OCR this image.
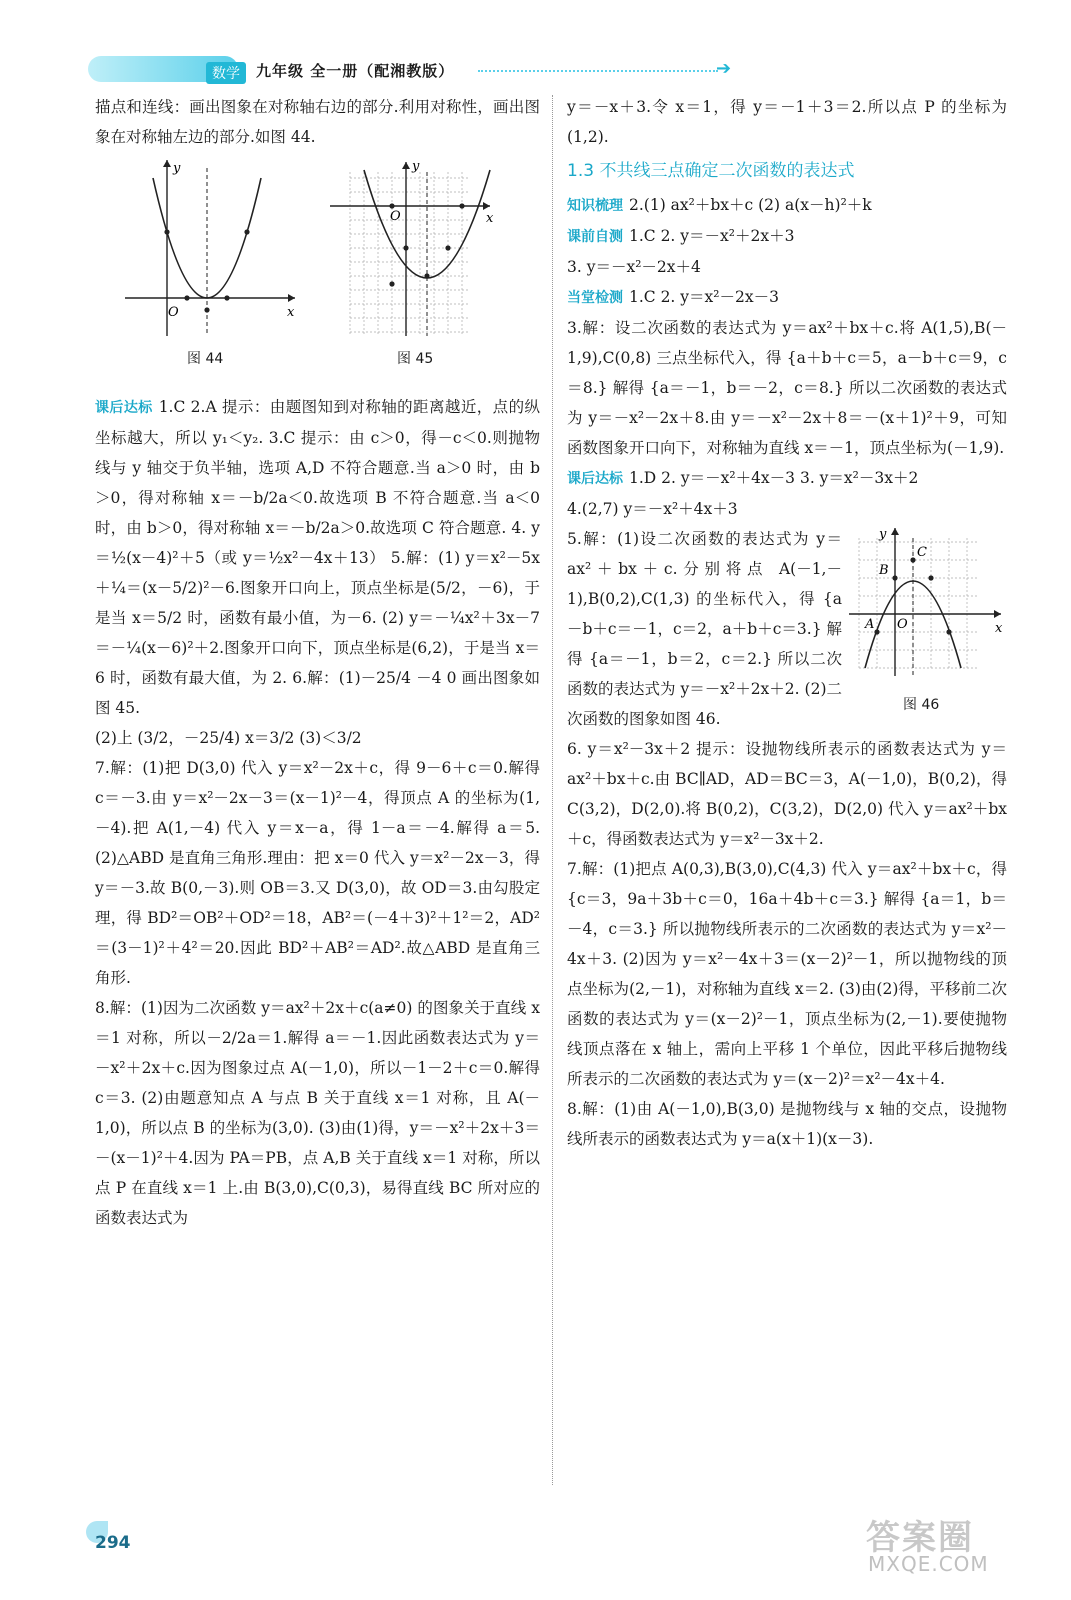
数学	九年级 全一册（配湘教版）	➔

描点和连线：画出图象在对称轴右边的部分.利用对称性，画出图象在对称轴左边的部分.如图 44.

y
x
O
图 44
y
x
O
图 45

课后达标 1.C 2.A 提示：由题图知到对称轴的距离越近，点的纵坐标越大，所以 y₁＜y₂. 3.C 提示：由 c＞0，得－c＜0.则抛物线与 y 轴交于负半轴，选项 A,D 不符合题意.当 a＞0 时，由 b＞0，得对称轴 x＝－b/2a＜0.故选项 B 不符合题意.当 a＜0 时，由 b＞0，得对称轴 x＝－b/2a＞0.故选项 C 符合题意. 4. y＝½(x－4)²＋5（或 y＝½x²－4x＋13） 5.解：(1) y＝x²－5x＋¼＝(x－5/2)²－6.图象开口向上，顶点坐标是(5/2，－6)，于是当 x＝5/2 时，函数有最小值，为－6. (2) y＝－¼x²＋3x－7＝－¼(x－6)²＋2.图象开口向下，顶点坐标是(6,2)，于是当 x＝6 时，函数有最大值，为 2. 6.解：(1)－25/4 －4 0 画出图象如图 45.

(2)上 (3/2，－25/4) x＝3/2 (3)＜3/2

7.解：(1)把 D(3,0) 代入 y＝x²－2x＋c，得 9－6＋c＝0.解得 c＝－3.由 y＝x²－2x－3＝(x－1)²－4，得顶点 A 的坐标为(1,－4).把 A(1,－4) 代入 y＝x－a，得 1－a＝－4.解得 a＝5. (2)△ABD 是直角三角形.理由：把 x＝0 代入 y＝x²－2x－3，得 y＝－3.故 B(0,－3).则 OB＝3.又 D(3,0)，故 OD＝3.由勾股定理，得 BD²＝OB²＋OD²＝18，AB²＝(－4＋3)²＋1²＝2，AD²＝(3－1)²＋4²＝20.因此 BD²＋AB²＝AD².故△ABD 是直角三角形.

8.解：(1)因为二次函数 y＝ax²＋2x＋c(a≠0) 的图象关于直线 x＝1 对称，所以－2/2a＝1.解得 a＝－1.因此函数表达式为 y＝－x²＋2x＋c.因为图象过点 A(－1,0)，所以－1－2＋c＝0.解得 c＝3. (2)由题意知点 A 与点 B 关于直线 x＝1 对称，且 A(－1,0)，所以点 B 的坐标为(3,0). (3)由(1)得，y＝－x²＋2x＋3＝－(x－1)²＋4.因为 PA＝PB，点 A,B 关于直线 x＝1 对称，所以点 P 在直线 x＝1 上.由 B(3,0),C(0,3)，易得直线 BC 所对应的函数表达式为

y＝－x＋3.令 x＝1，得 y＝－1＋3＝2.所以点 P 的坐标为(1,2).

1.3 不共线三点确定二次函数的表达式

知识梳理 2.(1) ax²＋bx＋c (2) a(x－h)²＋k

课前自测 1.C 2. y＝－x²＋2x＋3

3. y＝－x²－2x＋4

当堂检测 1.C 2. y＝x²－2x－3

3.解：设二次函数的表达式为 y＝ax²＋bx＋c.将 A(1,5),B(－1,9),C(0,8) 三点坐标代入，得 {a＋b＋c＝5，a－b＋c＝9，c＝8.} 解得 {a＝－1，b＝－2，c＝8.} 所以二次函数的表达式为 y＝－x²－2x＋8.由 y＝－x²－2x＋8＝－(x＋1)²＋9，可知函数图象开口向下，对称轴为直线 x＝－1，顶点坐标为(－1,9).

课后达标 1.D 2. y＝－x²＋4x－3 3. y＝x²－3x＋2

4.(2,7) y＝－x²＋4x＋3

5.解：(1)设二次函数的表达式为 y＝ax²＋bx＋c.分别将点 A(－1,－1),B(0,2),C(1,3) 的坐标代入，得 {a－b＋c＝－1，c＝2，a＋b＋c＝3.} 解得 {a＝－1，b＝2，c＝2.} 所以二次函数的表达式为 y＝－x²＋2x＋2. (2)二次函数的图象如图 46.

y
x
O
A
B
C
图 46

6. y＝x²－3x＋2 提示：设抛物线所表示的函数表达式为 y＝ax²＋bx＋c.由 BC∥AD，AD＝BC＝3，A(－1,0)，B(0,2)，得 C(3,2)，D(2,0).将 B(0,2)，C(3,2)，D(2,0) 代入 y＝ax²＋bx＋c，得函数表达式为 y＝x²－3x＋2.

7.解：(1)把点 A(0,3),B(3,0),C(4,3) 代入 y＝ax²＋bx＋c，得 {c＝3，9a＋3b＋c＝0，16a＋4b＋c＝3.} 解得 {a＝1，b＝－4，c＝3.} 所以抛物线所表示的二次函数的表达式为 y＝x²－4x＋3. (2)因为 y＝x²－4x＋3＝(x－2)²－1，所以抛物线的顶点坐标为(2,－1)，对称轴为直线 x＝2. (3)由(2)得，平移前二次函数的表达式为 y＝(x－2)²－1，顶点坐标为(2,－1).要使抛物线顶点落在 x 轴上，需向上平移 1 个单位，因此平移后抛物线所表示的二次函数的表达式为 y＝(x－2)²＝x²－4x＋4.

8.解：(1)由 A(－1,0),B(3,0) 是抛物线与 x 轴的交点，设抛物线所表示的函数表达式为 y＝a(x＋1)(x－3).

294	答案圈
MXQE.COM
